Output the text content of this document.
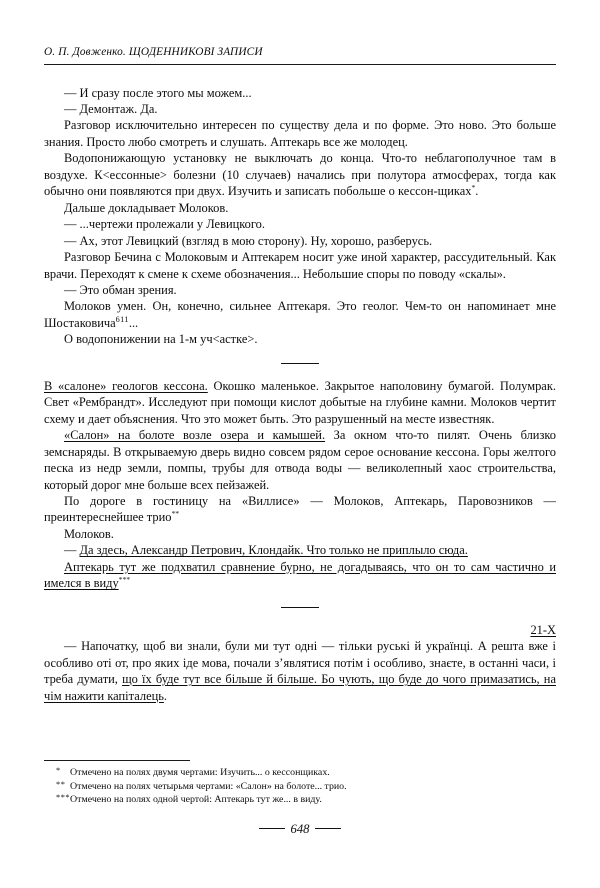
О. П. Довженко. ЩОДЕННИКОВІ ЗАПИСИ

— И сразу после этого мы можем...

— Демонтаж. Да.

Разговор исключительно интересен по существу дела и по форме. Это ново. Это больше знания. Просто любо смотреть и слушать. Аптекарь все же молодец.

Водопонижающую установку не выключать до конца. Что-то неблагополучное там в воздухе. К<ессонные> болезни (10 случаев) начались при полутора атмосферах, тогда как обычно они появляются при двух. Изучить и записать побольше о кессон-щиках*.

Дальше докладывает Молоков.

— ...чертежи пролежали у Левицкого.

— Ах, этот Левицкий (взгляд в мою сторону). Ну, хорошо, разберусь.

Разговор Бечина с Молоковым и Аптекарем носит уже иной характер, рассудительный. Как врачи. Переходят к смене к схеме обозначения... Небольшие споры по поводу «скалы».

— Это обман зрения.

Молоков умен. Он, конечно, сильнее Аптекаря. Это геолог. Чем-то он напоминает мне Шостаковича$^{611}$...

О водопонижении на 1-м уч<астке>.

В «салоне» геологов кессона. Окошко маленькое. Закрытое наполовину бумагой. Полумрак. Свет «Рембрандт». Исследуют при помощи кислот добытые на глубине камни. Молоков чертит схему и дает объяснения. Что это может быть. Это разрушенный на месте известняк.

«Салон» на болоте возле озера и камышей. За окном что-то пилят. Очень близко земснаряды. В открываемую дверь видно совсем рядом серое основание кессона. Горы желтого песка из недр земли, помпы, трубы для отвода воды — великолепный хаос строительства, который дорог мне больше всех пейзажей.

По дороге в гостиницу на «Виллисе» — Молоков, Аптекарь, Паровозников — преинтереснейшее трио**

Молоков.

— Да здесь, Александр Петрович, Клондайк. Что только не приплыло сюда.

Аптекарь тут же подхватил сравнение бурно, не догадываясь, что он то сам частично и имелся в виду***

21-X

— Напочатку, щоб ви знали, були ми тут одні — тільки руські й українці. А решта вже і особливо оті от, про яких іде мова, почали з’являтися потім і особливо, знаєте, в останні часи, і треба думати, що їх буде тут все більше й більше. Бо чують, що буде до чого примазатись, на чім нажити капіталець.

* Отмечено на полях двумя чертами: Изучить... о кессонщиках.
** Отмечено на полях четырьмя чертами: «Салон» на болоте... трио.
*** Отмечено на полях одной чертой: Аптекарь тут же... в виду.
648
